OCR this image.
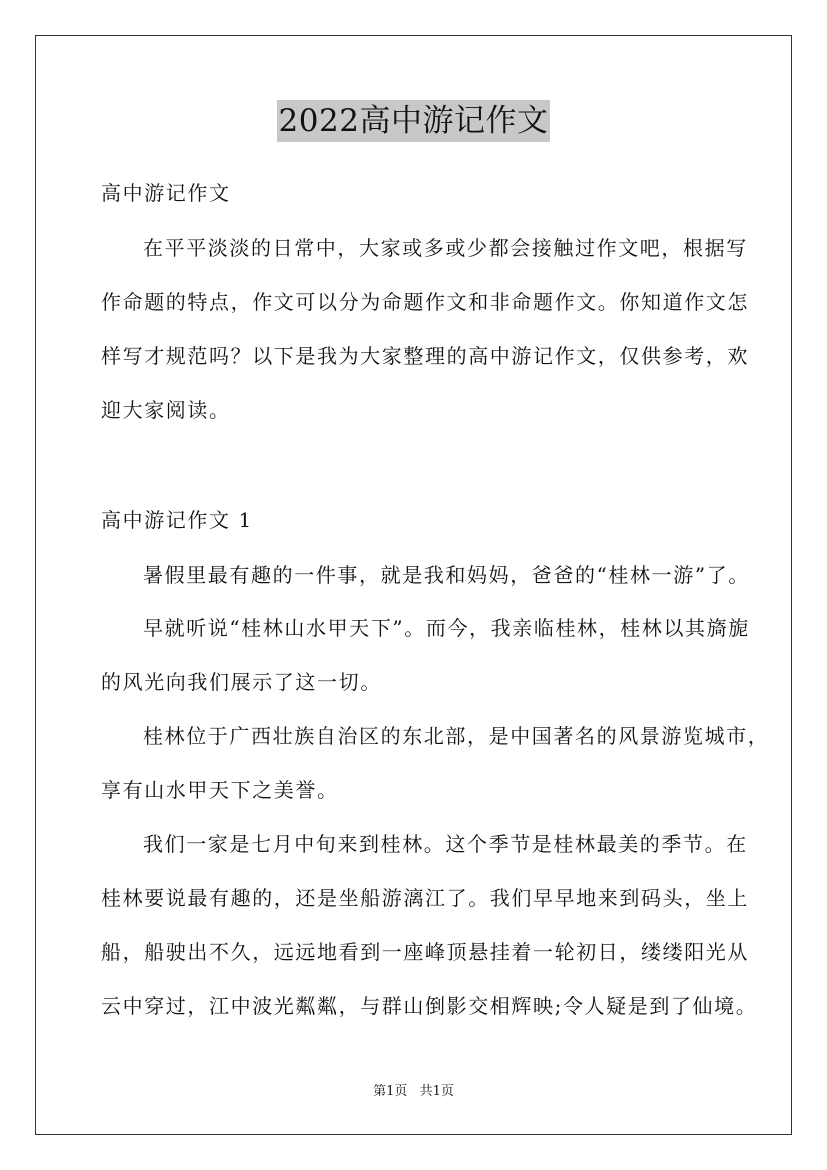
2022高中游记作文
高中游记作文
在平平淡淡的日常中，大家或多或少都会接触过作文吧，根据写
作命题的特点，作文可以分为命题作文和非命题作文。你知道作文怎
样写才规范吗？以下是我为大家整理的高中游记作文，仅供参考，欢
迎大家阅读。
高中游记作文 1
暑假里最有趣的一件事，就是我和妈妈，爸爸的“桂林一游”了。
早就听说“桂林山水甲天下”。而今，我亲临桂林，桂林以其旖旎
的风光向我们展示了这一切。
桂林位于广西壮族自治区的东北部，是中国著名的风景游览城市，
享有山水甲天下之美誉。
我们一家是七月中旬来到桂林。这个季节是桂林最美的季节。在
桂林要说最有趣的，还是坐船游漓江了。我们早早地来到码头，坐上
船，船驶出不久，远远地看到一座峰顶悬挂着一轮初日，缕缕阳光从
云中穿过，江中波光粼粼，与群山倒影交相辉映;令人疑是到了仙境。
第1页 共1页
